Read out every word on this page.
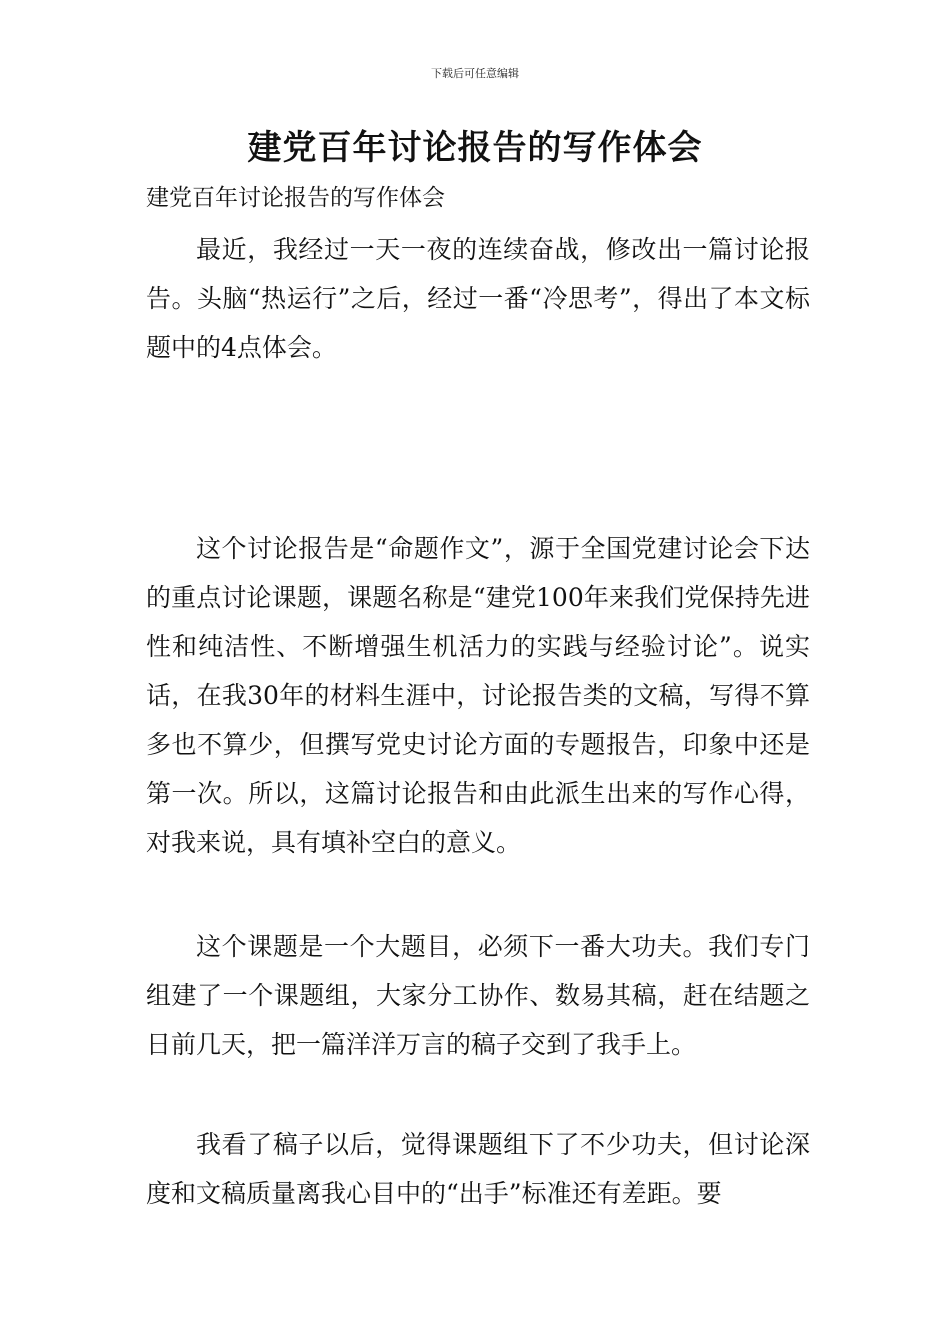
下载后可任意编辑
建党百年讨论报告的写作体会
建党百年讨论报告的写作体会

最近，我经过一天一夜的连续奋战，修改出一篇讨论报告。头脑“热运行”之后，经过一番“冷思考”，得出了本文标题中的4点体会。

这个讨论报告是“命题作文”，源于全国党建讨论会下达的重点讨论课题，课题名称是“建党100年来我们党保持先进性和纯洁性、不断增强生机活力的实践与经验讨论”。说实话，在我30年的材料生涯中，讨论报告类的文稿，写得不算多也不算少，但撰写党史讨论方面的专题报告，印象中还是第一次。所以，这篇讨论报告和由此派生出来的写作心得，对我来说，具有填补空白的意义。

这个课题是一个大题目，必须下一番大功夫。我们专门组建了一个课题组，大家分工协作、数易其稿，赶在结题之日前几天，把一篇洋洋万言的稿子交到了我手上。

我看了稿子以后，觉得课题组下了不少功夫，但讨论深度和文稿质量离我心目中的“出手”标准还有差距。要
